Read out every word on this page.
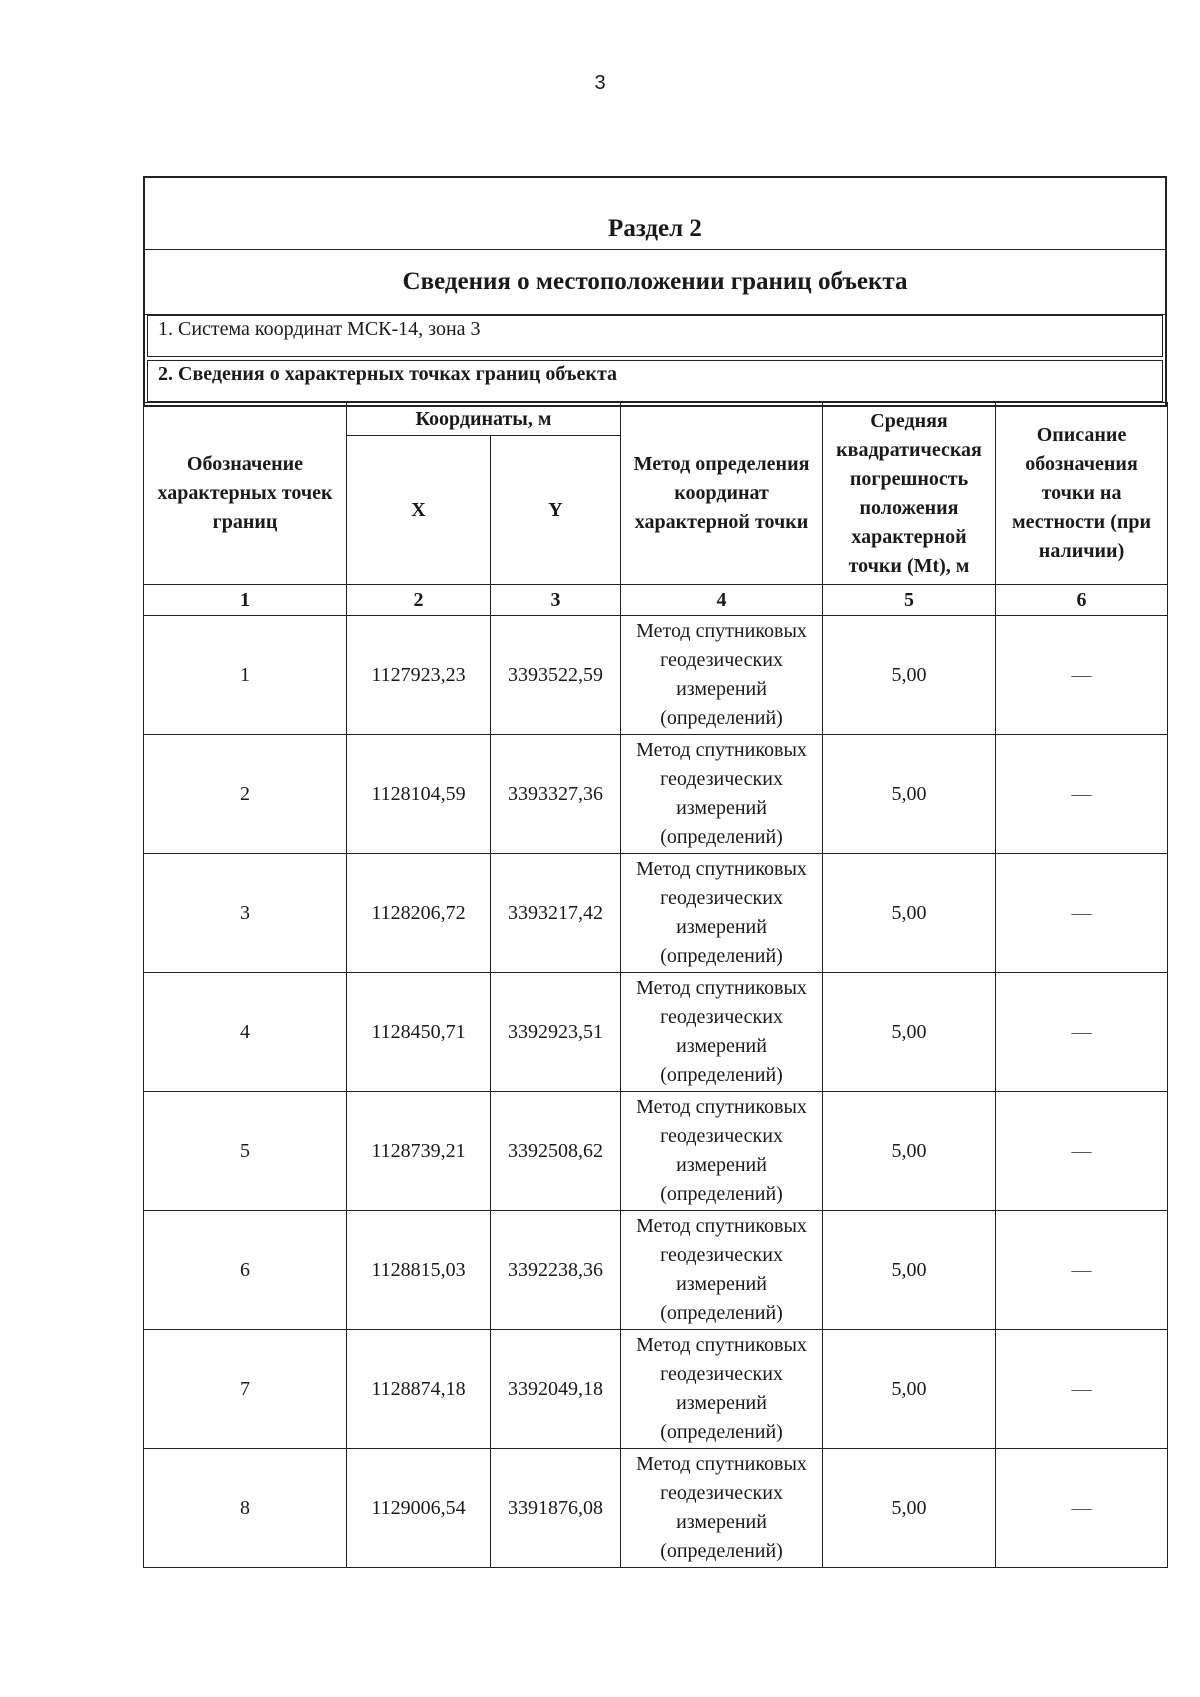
3
Раздел 2
Сведения о местоположении границ объекта
1. Система координат МСК-14, зона 3
2. Сведения о характерных точках границ объекта
Обозначение характерных точек границ	Координаты, м		Метод определения координат характерной точки	Средняя квадратическая погрешность положения характерной точки (Mt), м	Описание обозначения точки на местности (при наличии)
	X	Y			
1	2	3	4	5	6
1	1127923,23	3393522,59	Метод спутниковых геодезических измерений (определений)	5,00	—
2	1128104,59	3393327,36	Метод спутниковых геодезических измерений (определений)	5,00	—
3	1128206,72	3393217,42	Метод спутниковых геодезических измерений (определений)	5,00	—
4	1128450,71	3392923,51	Метод спутниковых геодезических измерений (определений)	5,00	—
5	1128739,21	3392508,62	Метод спутниковых геодезических измерений (определений)	5,00	—
6	1128815,03	3392238,36	Метод спутниковых геодезических измерений (определений)	5,00	—
7	1128874,18	3392049,18	Метод спутниковых геодезических измерений (определений)	5,00	—
8	1129006,54	3391876,08	Метод спутниковых геодезических измерений (определений)	5,00	—
